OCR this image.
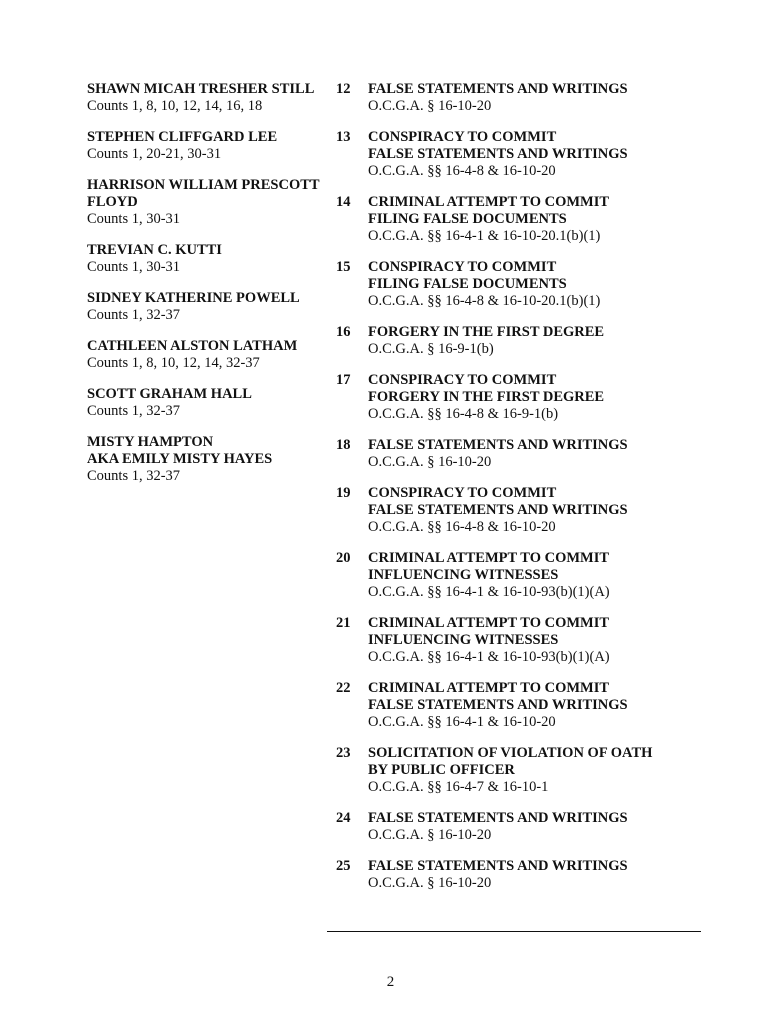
SHAWN MICAH TRESHER STILL
Counts 1, 8, 10, 12, 14, 16, 18
STEPHEN CLIFFGARD LEE
Counts 1, 20-21, 30-31
HARRISON WILLIAM PRESCOTT
FLOYD
Counts 1, 30-31
TREVIAN C. KUTTI
Counts 1, 30-31
SIDNEY KATHERINE POWELL
Counts 1, 32-37
CATHLEEN ALSTON LATHAM
Counts 1, 8, 10, 12, 14, 32-37
SCOTT GRAHAM HALL
Counts 1, 32-37
MISTY HAMPTON
AKA EMILY MISTY HAYES
Counts 1, 32-37
12 FALSE STATEMENTS AND WRITINGS
O.C.G.A. § 16-10-20
13 CONSPIRACY TO COMMIT
FALSE STATEMENTS AND WRITINGS
O.C.G.A. §§ 16-4-8 & 16-10-20
14 CRIMINAL ATTEMPT TO COMMIT
FILING FALSE DOCUMENTS
O.C.G.A. §§ 16-4-1 & 16-10-20.1(b)(1)
15 CONSPIRACY TO COMMIT
FILING FALSE DOCUMENTS
O.C.G.A. §§ 16-4-8 & 16-10-20.1(b)(1)
16 FORGERY IN THE FIRST DEGREE
O.C.G.A. § 16-9-1(b)
17 CONSPIRACY TO COMMIT
FORGERY IN THE FIRST DEGREE
O.C.G.A. §§ 16-4-8 & 16-9-1(b)
18 FALSE STATEMENTS AND WRITINGS
O.C.G.A. § 16-10-20
19 CONSPIRACY TO COMMIT
FALSE STATEMENTS AND WRITINGS
O.C.G.A. §§ 16-4-8 & 16-10-20
20 CRIMINAL ATTEMPT TO COMMIT
INFLUENCING WITNESSES
O.C.G.A. §§ 16-4-1 & 16-10-93(b)(1)(A)
21 CRIMINAL ATTEMPT TO COMMIT
INFLUENCING WITNESSES
O.C.G.A. §§ 16-4-1 & 16-10-93(b)(1)(A)
22 CRIMINAL ATTEMPT TO COMMIT
FALSE STATEMENTS AND WRITINGS
O.C.G.A. §§ 16-4-1 & 16-10-20
23 SOLICITATION OF VIOLATION OF OATH
BY PUBLIC OFFICER
O.C.G.A. §§ 16-4-7 & 16-10-1
24 FALSE STATEMENTS AND WRITINGS
O.C.G.A. § 16-10-20
25 FALSE STATEMENTS AND WRITINGS
O.C.G.A. § 16-10-20
2
